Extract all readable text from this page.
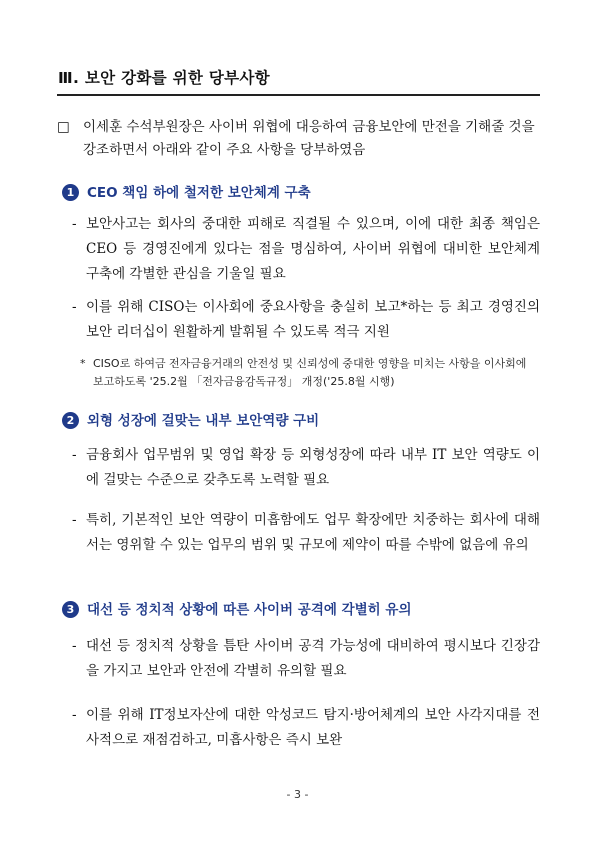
Ⅲ. 보안 강화를 위한 당부사항
□ 이세훈 수석부원장은 사이버 위협에 대응하여 금융보안에 만전을 기해줄 것을 강조하면서 아래와 같이 주요 사항을 당부하였음
1 CEO 책임 하에 철저한 보안체계 구축
- 보안사고는 회사의 중대한 피해로 직결될 수 있으며, 이에 대한 최종 책임은 CEO 등 경영진에게 있다는 점을 명심하여, 사이버 위협에 대비한 보안체계 구축에 각별한 관심을 기울일 필요
- 이를 위해 CISO는 이사회에 중요사항을 충실히 보고*하는 등 최고 경영진의 보안 리더십이 원활하게 발휘될 수 있도록 적극 지원
* CISO로 하여금 전자금융거래의 안전성 및 신뢰성에 중대한 영향을 미치는 사항을 이사회에 보고하도록 '25.2월 「전자금융감독규정」 개정('25.8월 시행)
2 외형 성장에 걸맞는 내부 보안역량 구비
- 금융회사 업무범위 및 영업 확장 등 외형성장에 따라 내부 IT 보안 역량도 이에 걸맞는 수준으로 갖추도록 노력할 필요
- 특히, 기본적인 보안 역량이 미흡함에도 업무 확장에만 치중하는 회사에 대해서는 영위할 수 있는 업무의 범위 및 규모에 제약이 따를 수밖에 없음에 유의
3 대선 등 정치적 상황에 따른 사이버 공격에 각별히 유의
- 대선 등 정치적 상황을 틈탄 사이버 공격 가능성에 대비하여 평시보다 긴장감을 가지고 보안과 안전에 각별히 유의할 필요
- 이를 위해 IT정보자산에 대한 악성코드 탐지·방어체계의 보안 사각지대를 전사적으로 재점검하고, 미흡사항은 즉시 보완
- 3 -
